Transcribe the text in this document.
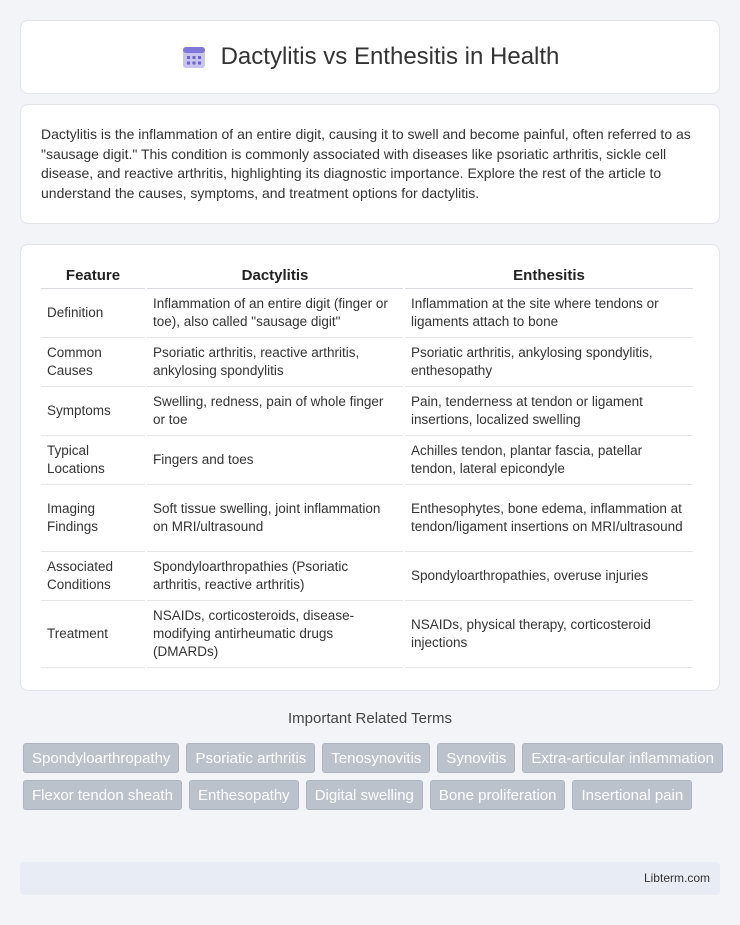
Dactylitis vs Enthesitis in Health

Dactylitis is the inflammation of an entire digit, causing it to swell and become painful, often referred to as "sausage digit." This condition is commonly associated with diseases like psoriatic arthritis, sickle cell disease, and reactive arthritis, highlighting its diagnostic importance. Explore the rest of the article to understand the causes, symptoms, and treatment options for dactylitis.

Feature	Dactylitis	Enthesitis
Definition	Inflammation of an entire digit (finger or toe), also called "sausage digit"	Inflammation at the site where tendons or ligaments attach to bone
Common Causes	Psoriatic arthritis, reactive arthritis, ankylosing spondylitis	Psoriatic arthritis, ankylosing spondylitis, enthesopathy
Symptoms	Swelling, redness, pain of whole finger or toe	Pain, tenderness at tendon or ligament insertions, localized swelling
Typical Locations	Fingers and toes	Achilles tendon, plantar fascia, patellar tendon, lateral epicondyle
Imaging Findings	Soft tissue swelling, joint inflammation on MRI/ultrasound	Enthesophytes, bone edema, inflammation at tendon/ligament insertions on MRI/ultrasound
Associated Conditions	Spondyloarthropathies (Psoriatic arthritis, reactive arthritis)	Spondyloarthropathies, overuse injuries
Treatment	NSAIDs, corticosteroids, disease-modifying antirheumatic drugs (DMARDs)	NSAIDs, physical therapy, corticosteroid injections
Important Related Terms
Spondyloarthropathy	Psoriatic arthritis	Tenosynovitis	Synovitis	Extra-articular inflammation
Flexor tendon sheath	Enthesopathy	Digital swelling	Bone proliferation	Insertional pain
Libterm.com
